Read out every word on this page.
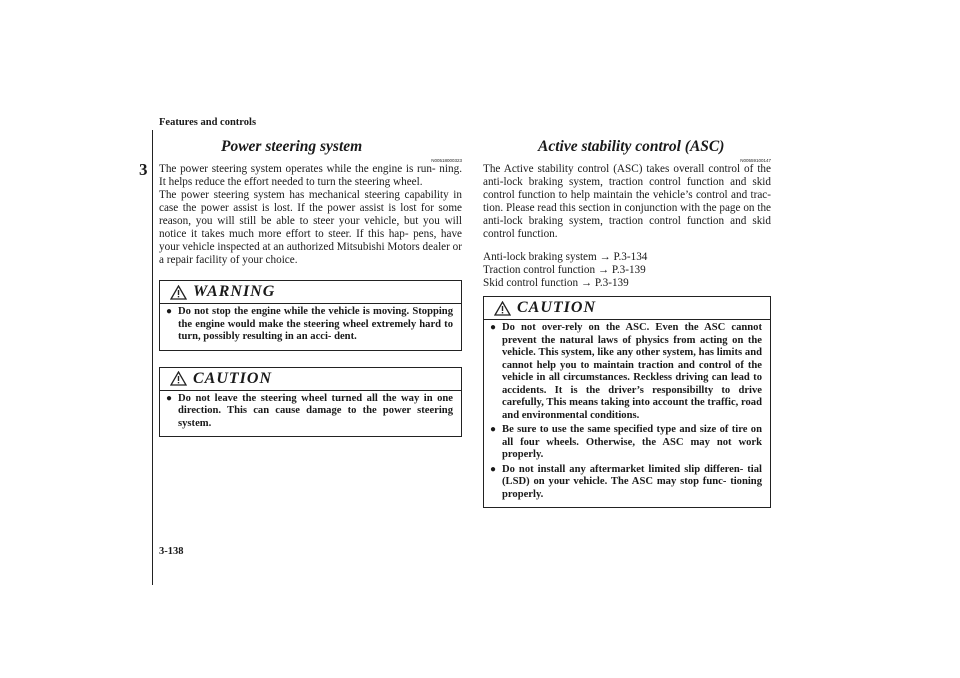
Features and controls
3
3-138
Power steering system
N00518000323

The power steering system operates while the engine is run- ning. It helps reduce the effort needed to turn the steering wheel.

The power steering system has mechanical steering capability in case the power assist is lost. If the power assist is lost for some reason, you will still be able to steer your vehicle, but you will notice it takes much more effort to steer. If this hap- pens, have your vehicle inspected at an authorized Mitsubishi Motors dealer or a repair facility of your choice.

WARNING
● Do not stop the engine while the vehicle is moving. Stopping the engine would make the steering wheel extremely hard to turn, possibly resulting in an acci- dent.
CAUTION
● Do not leave the steering wheel turned all the way in one direction. This can cause damage to the power steering system.
Active stability control (ASC)
N00559100147

The Active stability control (ASC) takes overall control of the anti-lock braking system, traction control function and skid control function to help maintain the vehicle’s control and trac- tion. Please read this section in conjunction with the page on the anti-lock braking system, traction control function and skid control function.

Anti-lock braking system → P.3-134
Traction control function → P.3-139
Skid control function → P.3-139
CAUTION
● Do not over-rely on the ASC. Even the ASC cannot prevent the natural laws of physics from acting on the vehicle. This system, like any other system, has limits and cannot help you to maintain traction and control of the vehicle in all circumstances. Reckless driving can lead to accidents. It is the driver’s responsibillty to drive carefully, This means taking into account the traffic, road and environmental conditions.
● Be sure to use the same specified type and size of tire on all four wheels. Otherwise, the ASC may not work properly.
● Do not install any aftermarket limited slip differen- tial (LSD) on your vehicle. The ASC may stop func- tioning properly.
